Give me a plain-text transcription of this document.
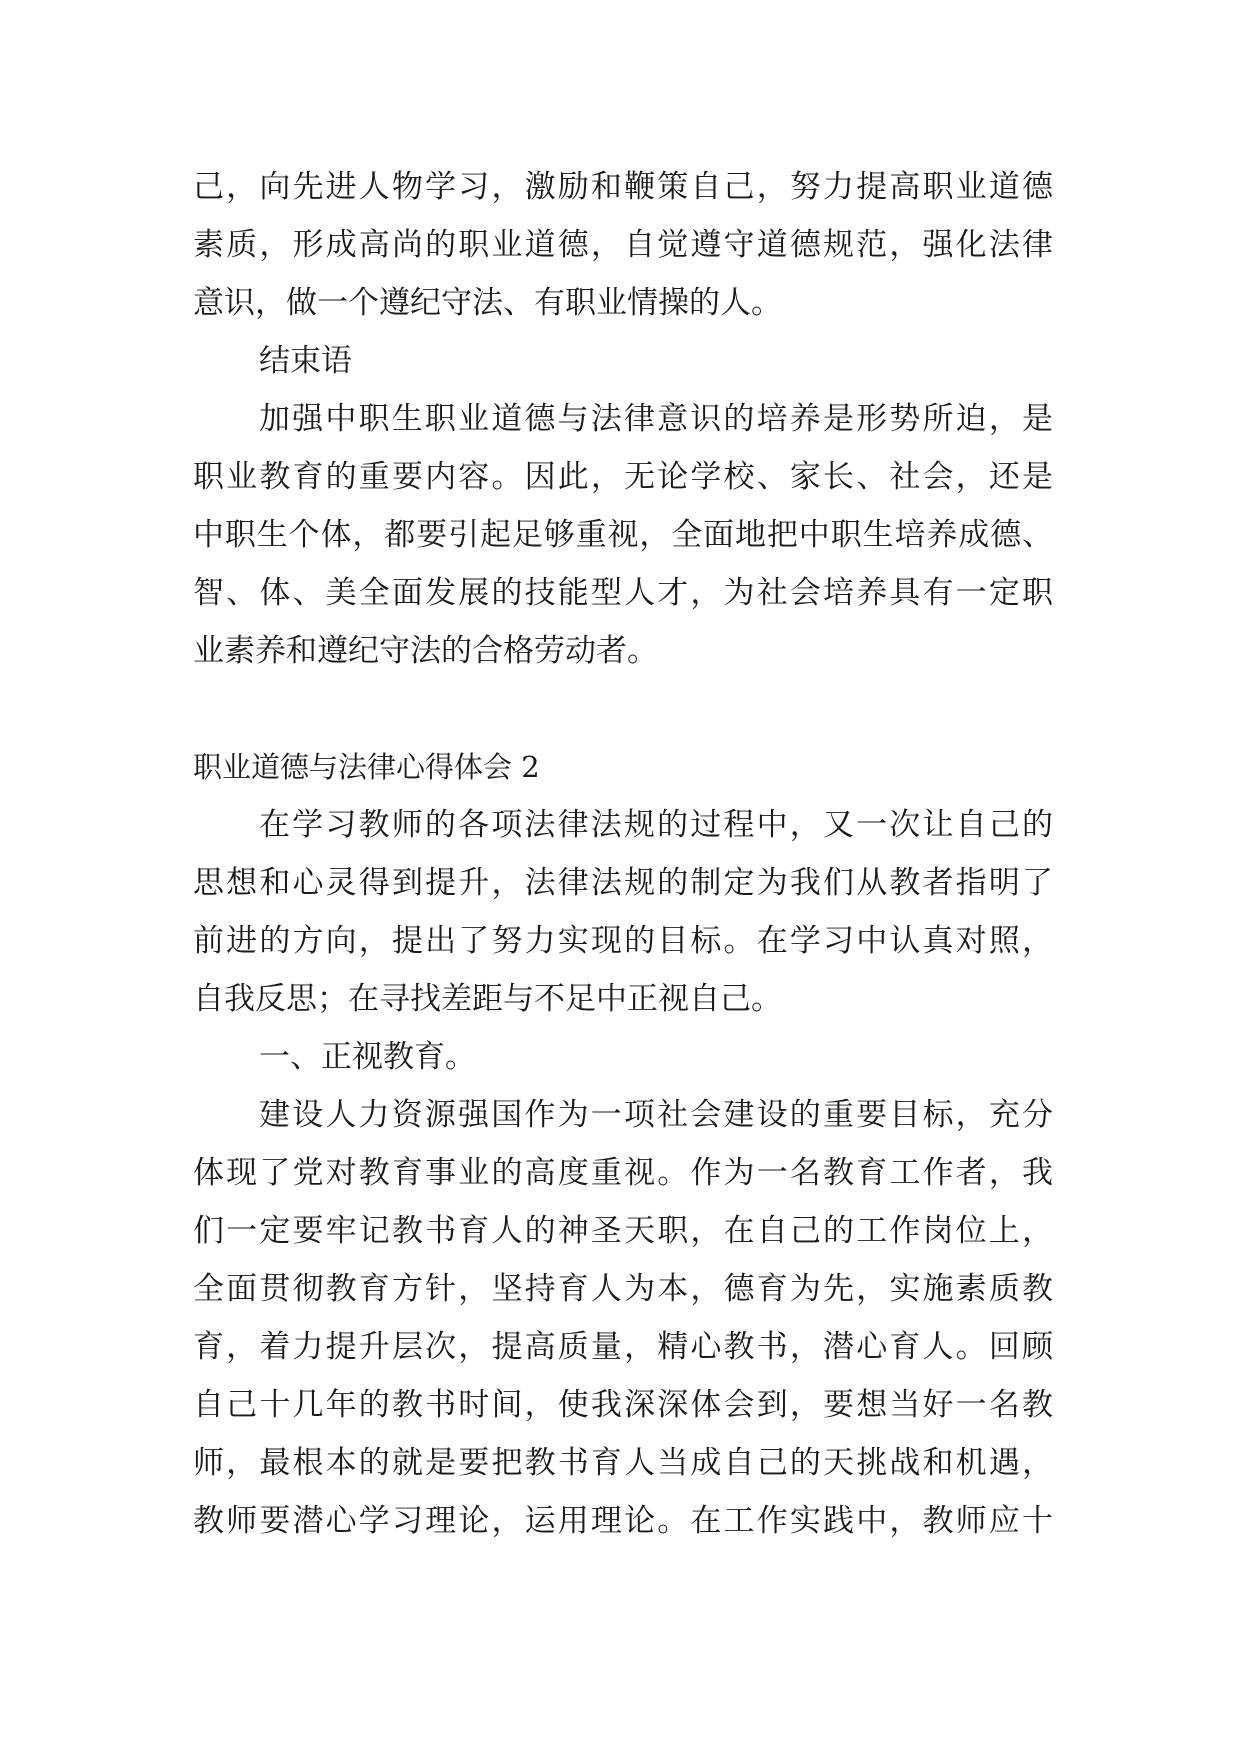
己，向先进人物学习，激励和鞭策自己，努力提高职业道德
素质，形成高尚的职业道德，自觉遵守道德规范，强化法律
意识，做一个遵纪守法、有职业情操的人。
结束语
加强中职生职业道德与法律意识的培养是形势所迫，是
职业教育的重要内容。因此，无论学校、家长、社会，还是
中职生个体，都要引起足够重视，全面地把中职生培养成德、
智、体、美全面发展的技能型人才，为社会培养具有一定职
业素养和遵纪守法的合格劳动者。
职业道德与法律心得体会 2
在学习教师的各项法律法规的过程中，又一次让自己的
思想和心灵得到提升，法律法规的制定为我们从教者指明了
前进的方向，提出了努力实现的目标。在学习中认真对照，
自我反思；在寻找差距与不足中正视自己。
一、正视教育。
建设人力资源强国作为一项社会建设的重要目标，充分
体现了党对教育事业的高度重视。作为一名教育工作者，我
们一定要牢记教书育人的神圣天职，在自己的工作岗位上，
全面贯彻教育方针，坚持育人为本，德育为先，实施素质教
育，着力提升层次，提高质量，精心教书，潜心育人。回顾
自己十几年的教书时间，使我深深体会到，要想当好一名教
师，最根本的就是要把教书育人当成自己的天挑战和机遇，
教师要潜心学习理论，运用理论。在工作实践中，教师应十
